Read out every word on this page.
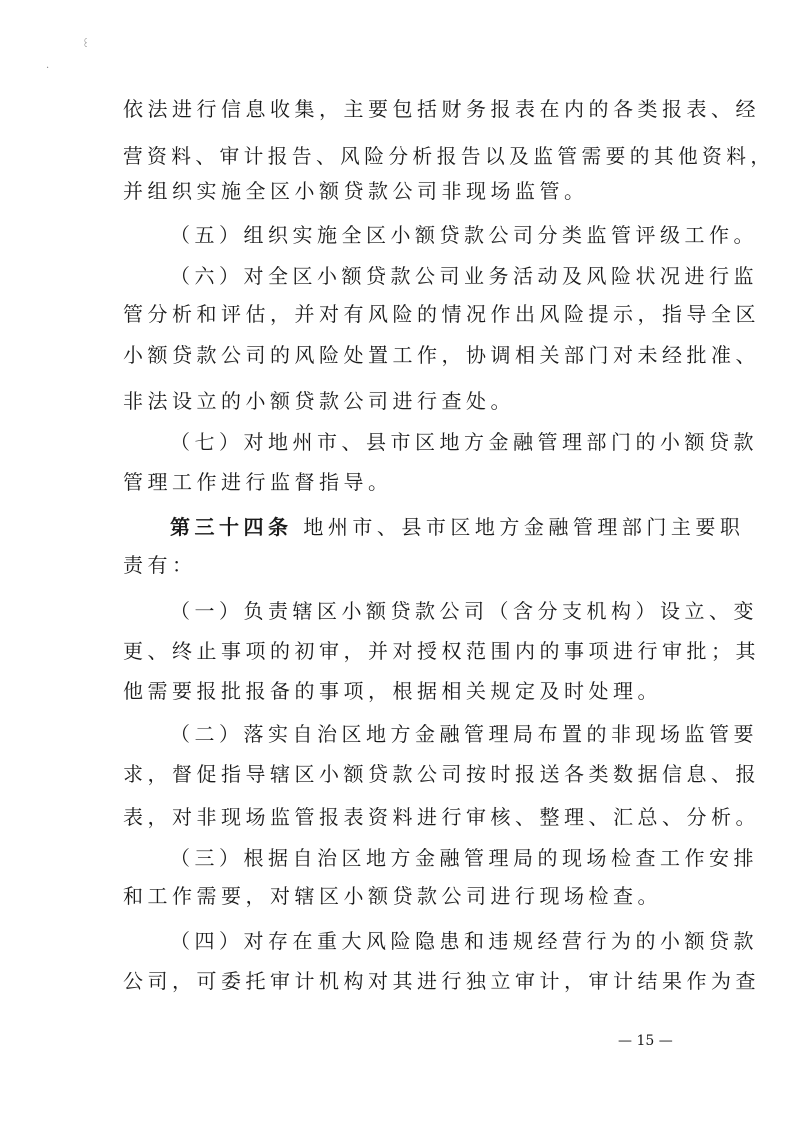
꒰
·
依法进行信息收集，主要包括财务报表在内的各类报表、经
营资料、审计报告、风险分析报告以及监管需要的其他资料，
并组织实施全区小额贷款公司非现场监管。
（五）组织实施全区小额贷款公司分类监管评级工作。
（六）对全区小额贷款公司业务活动及风险状况进行监
管分析和评估，并对有风险的情况作出风险提示，指导全区
小额贷款公司的风险处置工作，协调相关部门对未经批准、
非法设立的小额贷款公司进行查处。
（七）对地州市、县市区地方金融管理部门的小额贷款
管理工作进行监督指导。
第三十四条 地州市、县市区地方金融管理部门主要职
责有：
（一）负责辖区小额贷款公司（含分支机构）设立、变
更、终止事项的初审，并对授权范围内的事项进行审批；其
他需要报批报备的事项，根据相关规定及时处理。
（二）落实自治区地方金融管理局布置的非现场监管要
求，督促指导辖区小额贷款公司按时报送各类数据信息、报
表，对非现场监管报表资料进行审核、整理、汇总、分析。
（三）根据自治区地方金融管理局的现场检查工作安排
和工作需要，对辖区小额贷款公司进行现场检查。
（四）对存在重大风险隐患和违规经营行为的小额贷款
公司，可委托审计机构对其进行独立审计，审计结果作为查
— 15 —
